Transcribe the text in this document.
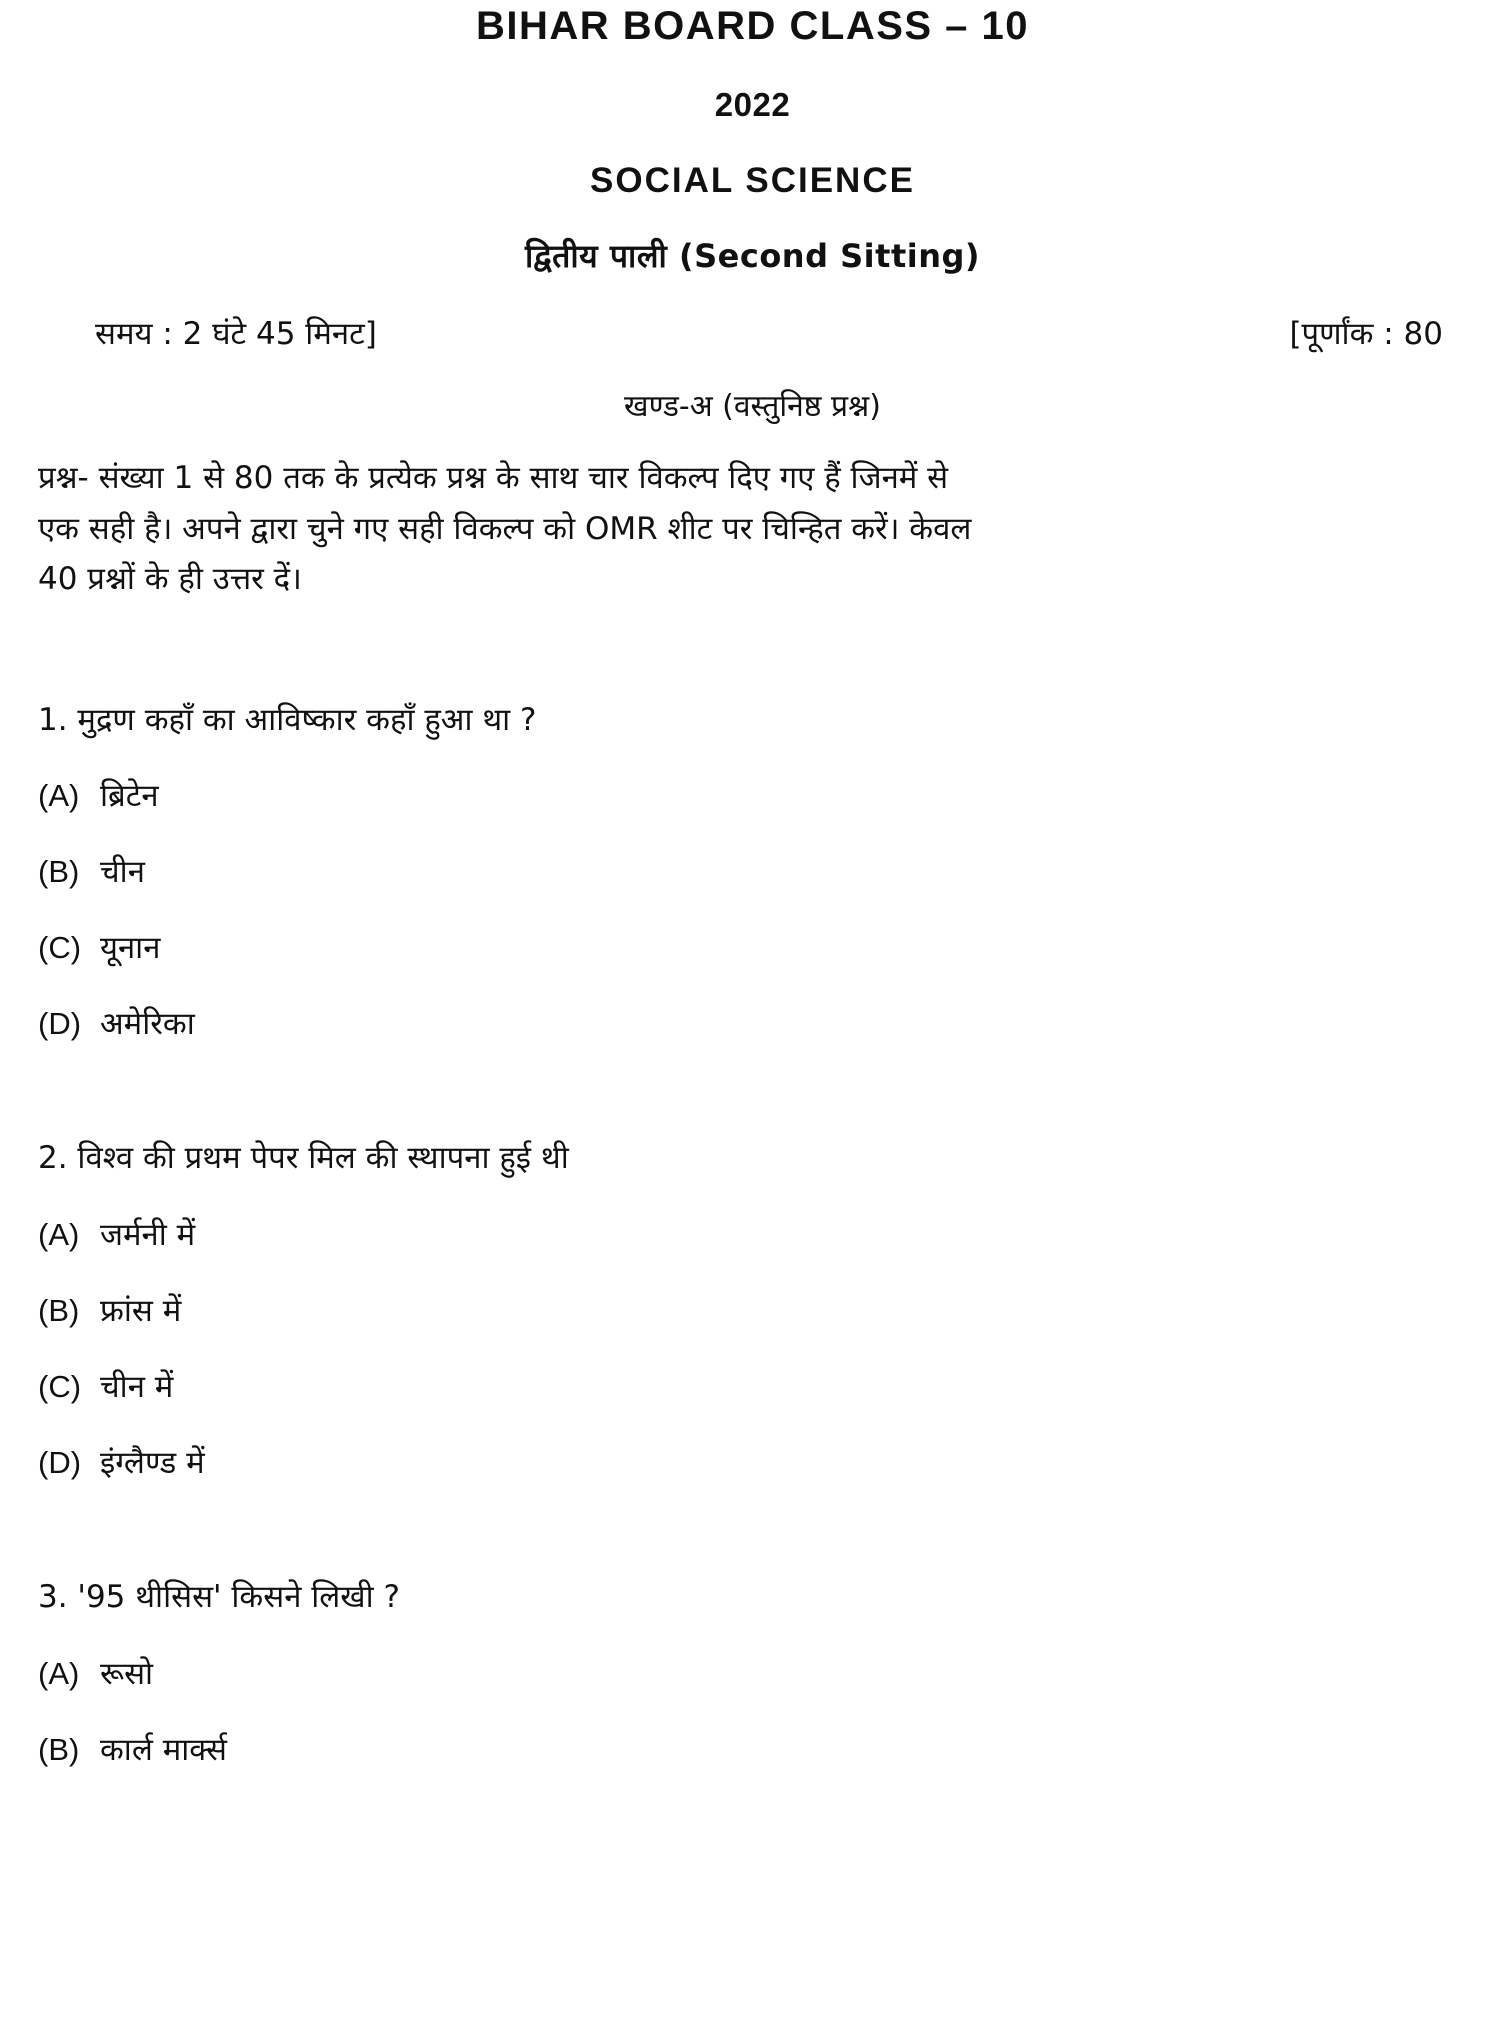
BIHAR BOARD CLASS – 10
2022
SOCIAL SCIENCE
द्वितीय पाली (Second Sitting)
समय : 2 घंटे 45 मिनट]	[पूर्णांक : 80
खण्ड-अ (वस्तुनिष्ठ प्रश्न)
प्रश्न- संख्या 1 से 80 तक के प्रत्येक प्रश्न के साथ चार विकल्प दिए गए हैं जिनमें से
एक सही है। अपने द्वारा चुने गए सही विकल्प को OMR शीट पर चिन्हित करें। केवल
40 प्रश्नों के ही उत्तर दें।
1. मुद्रण कहाँ का आविष्कार कहाँ हुआ था ?
(A) ब्रिटेन
(B) चीन
(C) यूनान
(D) अमेरिका
2. विश्व की प्रथम पेपर मिल की स्थापना हुई थी
(A) जर्मनी में
(B) फ्रांस में
(C) चीन में
(D) इंग्लैण्ड में
3. '95 थीसिस' किसने लिखी ?
(A) रूसो
(B) कार्ल मार्क्स
